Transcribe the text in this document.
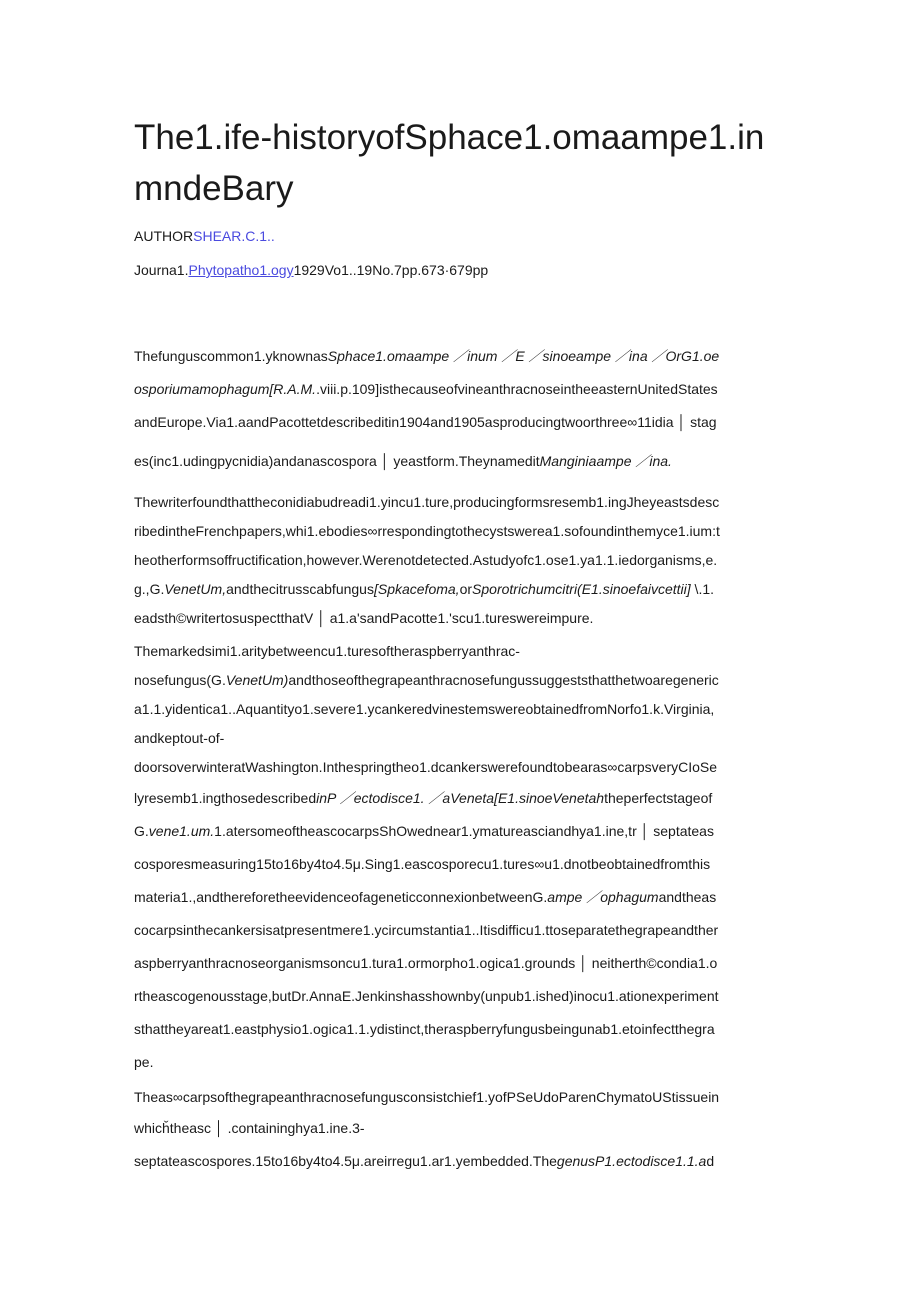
The1.ife-historyofSphace1.omaampe1.inmndeBary
AUTHORSHEAR.C.1..
Journa1.Phytopatho1.ogy1929Vo1..19No.7pp.673·679pp
Thefunguscommon1.yknownasSphace1.omaampe ／inum ／E ／sinoeampe ／ina ／OrG1.oe
osporiumamophagum[R.A.M..viii.p.109]isthecauseofvineanthracnoseintheeasternUnitedStates
andEurope.Via1.aandPacottetdescribeditin1904and1905asproducingtwoorthree∞11idia │ stag
es(inc1.udingpycnidia)andanascospora │ yeastform.TheynameditManginiaampe ／ina.
Thewriterfoundthattheconidiabudreadi1.yincu1.ture,producingformsresemb1.ingJheyeastsdesc
ribedintheFrenchpapers,whi1.ebodies∞rrespondingtothecystswerea1.sofoundinthemyce1.ium:t
heotherformsoffructification,however.Werenotdetected.Astudyofc1.ose1.ya1.1.iedorganisms,e.
g.,G.VenetUm,andthecitrusscabfungus[Spkacefoma,orSporotrichumcitri(E1.sinoefaivcettii] \.1.
eadsth©writertosuspectthatV │ a1.a'sandPacotte1.'scu1.tureswereimpure.
Themarkedsimi1.aritybetweencu1.turesoftheraspberryanthrac-
nosefungus(G.VenetUm)andthoseofthegrapeanthracnosefungussuggeststhatthetwoaregeneric
a1.1.yidentica1..Aquantityo1.severe1.ycankeredvinestemswereobtainedfromNorfo1.k.Virginia,
andkeptout-of-
doorsoverwinteratWashington.Inthespringtheo1.dcankerswerefoundtobearas∞carpsveryCIoSe
lyresemb1.ingthosedescribedinP ／ectodisce1. ／aVeneta[E1.sinoeVenetahtheperfectstageof
G.vene1.um.1.atersomeoftheascocarpsShOwednear1.ymatureasciandhya1.ine,tr │ septateas
cosporesmeasuring15to16by4to4.5μ.Sing1.eascosporecu1.tures∞u1.dnotbeobtainedfromthis
materia1.,andthereforetheevidenceofageneticconnexionbetweenG.ampe ／ophagumandtheas
cocarpsinthecankersisatpresentmere1.ycircumstantia1..Itisdifficu1.ttoseparatethegrapeandther
aspberryanthracnoseorganismsoncu1.tura1.ormorpho1.ogica1.grounds │ neitherth©condia1.o
rtheascogenousstage,butDr.AnnaE.Jenkinshasshownby(unpub1.ished)inocu1.ationexperiment
sthattheyareat1.eastphysio1.ogica1.1.ydistinct,theraspberryfungusbeingunab1.etoinfectthegra
pe.
Theas∞carpsofthegrapeanthracnosefungusconsistchief1.yofPSeUdoParenChymatoUStissuein
whicȟtheasc │ .containinghya1.ine.3-
septateascospores.15to16by4to4.5μ.areirregu1.ar1.yembedded.ThegenusP1.ectodisce1.1.ad
